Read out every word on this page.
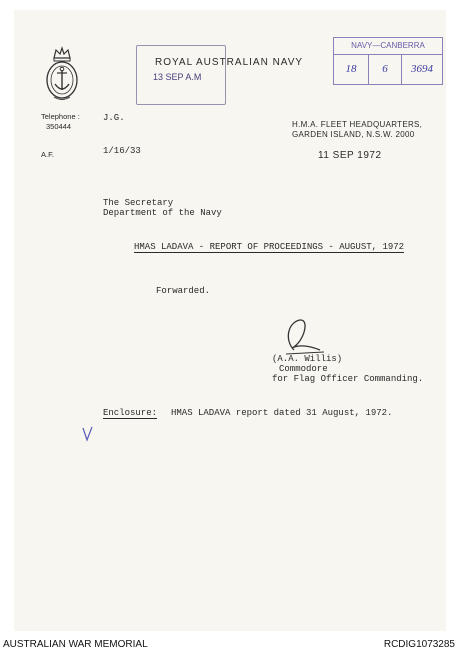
13 SEP A.M
ROYAL AUSTRALIAN NAVY
NAVY—CANBERRA
18	6	3694
Telephone :
350444
J.G.
H.M.A. FLEET HEADQUARTERS,
GARDEN ISLAND, N.S.W. 2000
A.F.	1/16/33	11 SEP 1972
The Secretary
Department of the Navy
HMAS LADAVA - REPORT OF PROCEEDINGS - AUGUST, 1972
Forwarded.
(A.A. Willis)
Commodore
for Flag Officer Commanding.
Enclosure: HMAS LADAVA report dated 31 August, 1972.
AUSTRALIAN WAR MEMORIAL	RCDIG1073285
